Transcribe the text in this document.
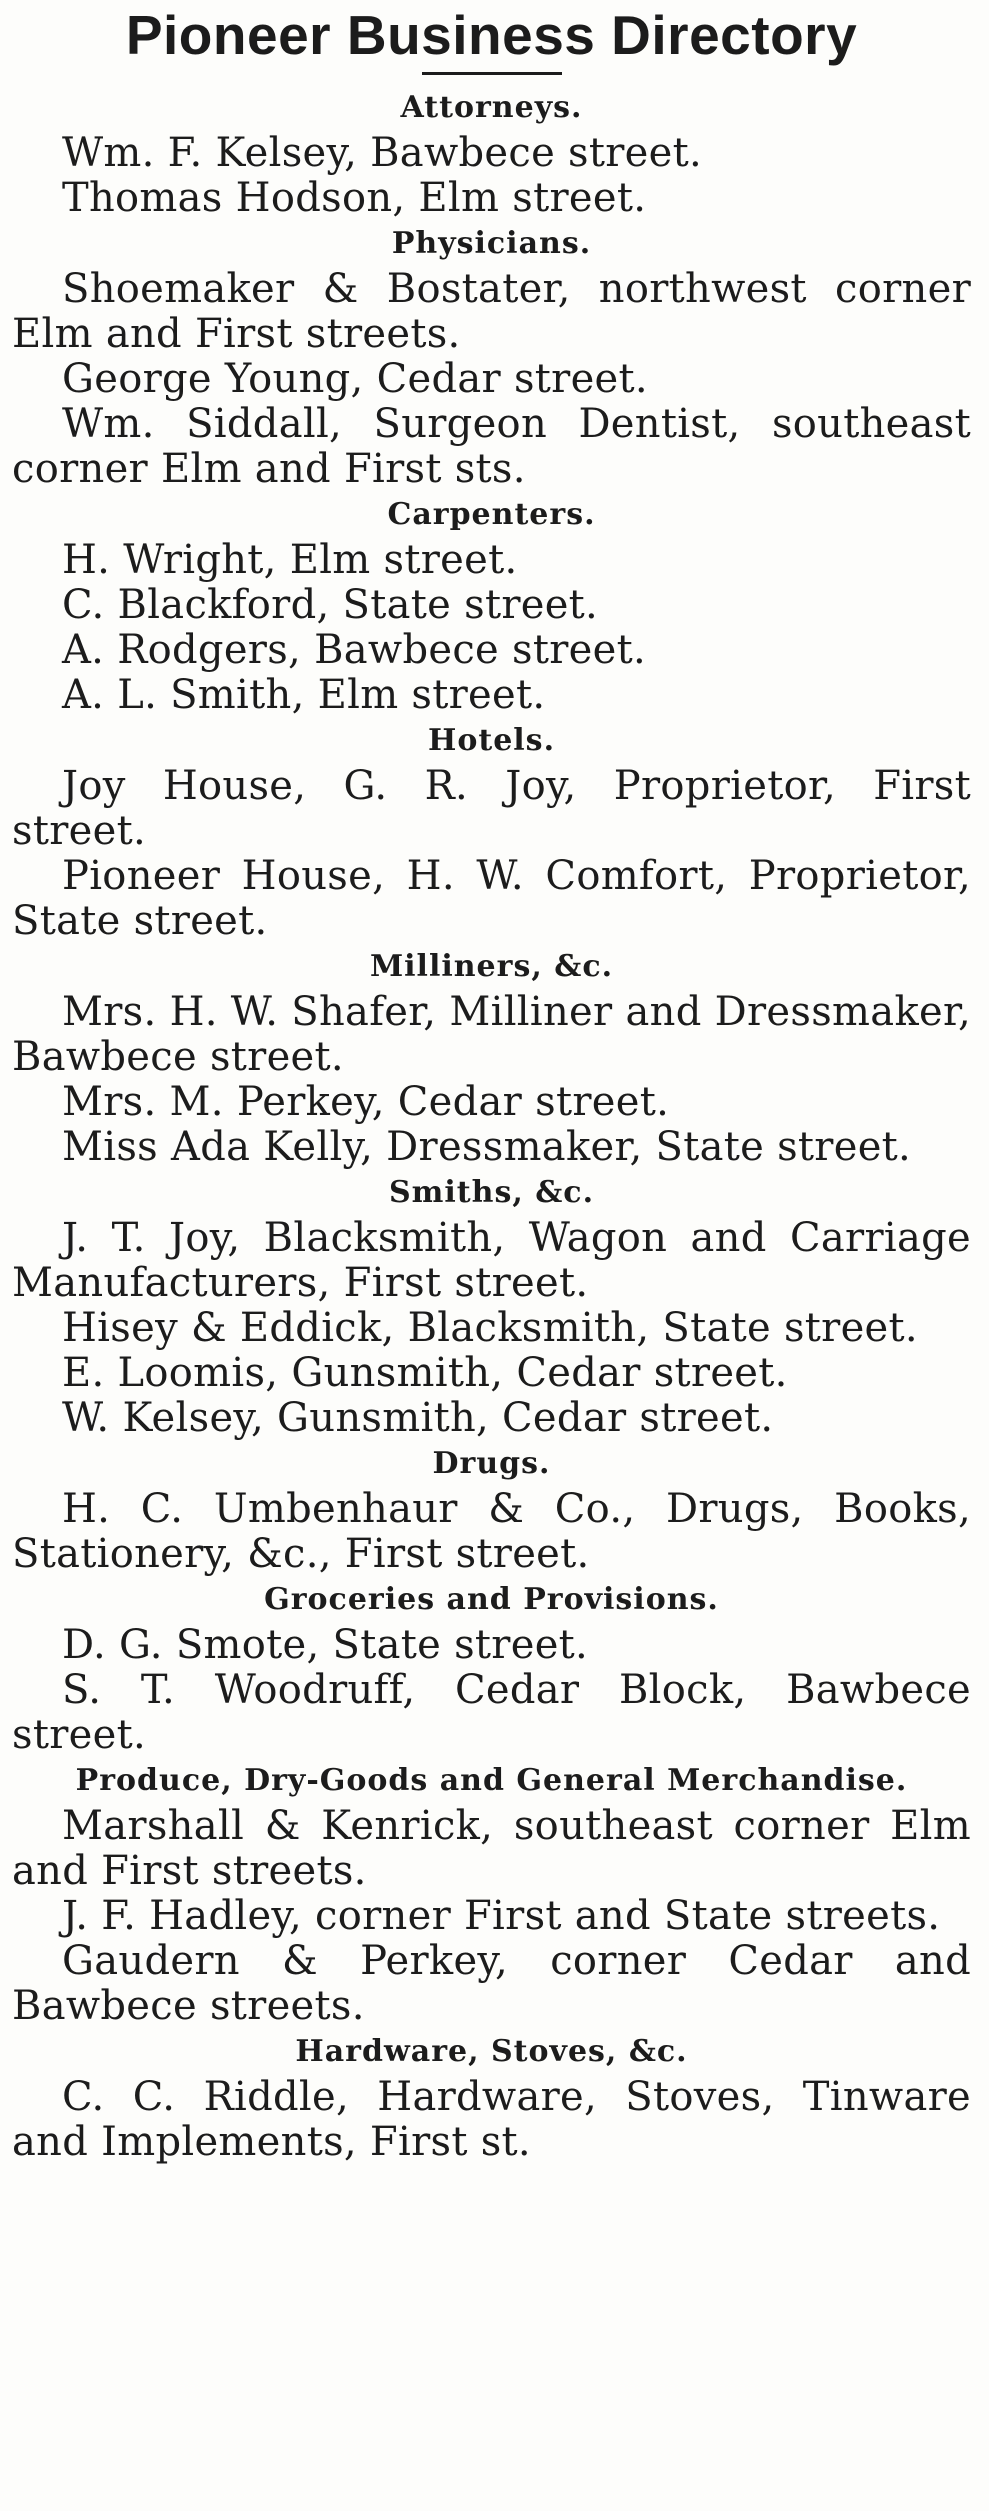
Pioneer Business Directory
Attorneys.
Wm. F. Kelsey, Bawbece street.
Thomas Hodson, Elm street.
Physicians.
Shoemaker & Bostater, northwest corner Elm and First streets.
George Young, Cedar street.
Wm. Siddall, Surgeon Dentist, southeast corner Elm and First sts.
Carpenters.
H. Wright, Elm street.
C. Blackford, State street.
A. Rodgers, Bawbece street.
A. L. Smith, Elm street.
Hotels.
Joy House, G. R. Joy, Proprietor, First street.
Pioneer House, H. W. Comfort, Proprietor, State street.
Milliners, &c.
Mrs. H. W. Shafer, Milliner and Dressmaker, Bawbece street.
Mrs. M. Perkey, Cedar street.
Miss Ada Kelly, Dressmaker, State street.
Smiths, &c.
J. T. Joy, Blacksmith, Wagon and Carriage Manufacturers, First street.
Hisey & Eddick, Blacksmith, State street.
E. Loomis, Gunsmith, Cedar street.
W. Kelsey, Gunsmith, Cedar street.
Drugs.
H. C. Umbenhaur & Co., Drugs, Books, Stationery, &c., First street.
Groceries and Provisions.
D. G. Smote, State street.
S. T. Woodruff, Cedar Block, Bawbece street.
Produce, Dry-Goods and General Merchandise.
Marshall & Kenrick, southeast corner Elm and First streets.
J. F. Hadley, corner First and State streets.
Gaudern & Perkey, corner Cedar and Bawbece streets.
Hardware, Stoves, &c.
C. C. Riddle, Hardware, Stoves, Tinware and Implements, First st.
